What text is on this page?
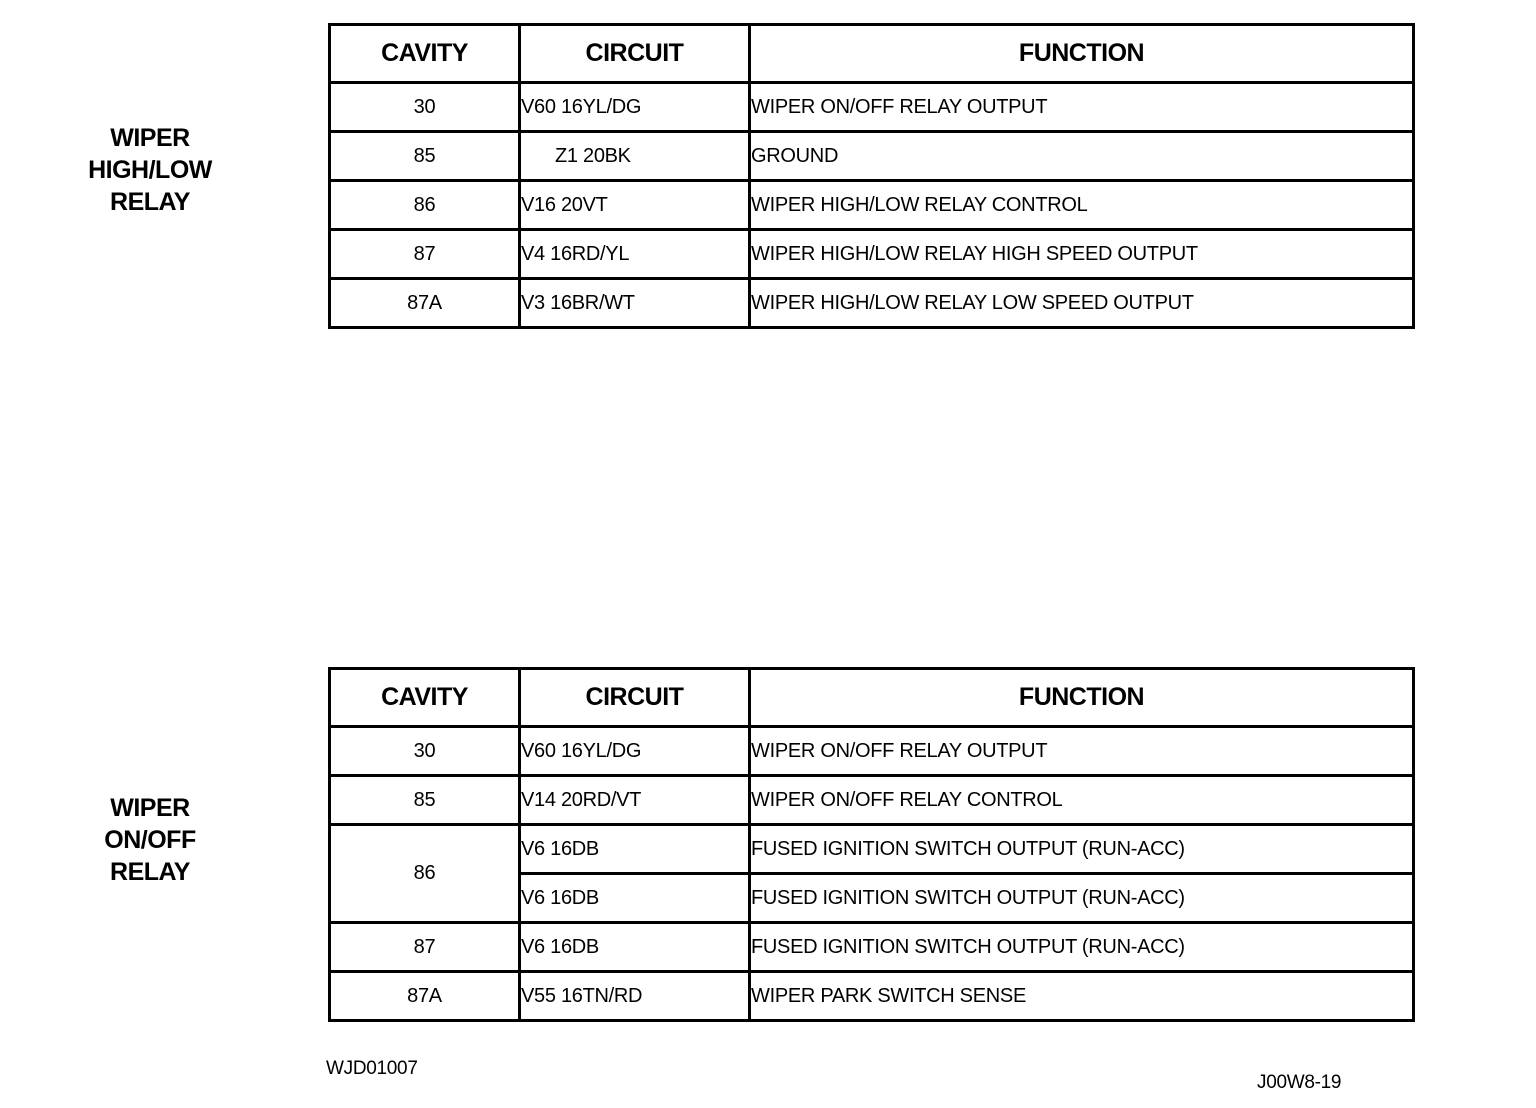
WIPER
HIGH/LOW
RELAY
CAVITY	CIRCUIT	FUNCTION
30	V60 16YL/DG	WIPER ON/OFF RELAY OUTPUT
85	Z1 20BK	GROUND
86	V16 20VT	WIPER HIGH/LOW RELAY CONTROL
87	V4 16RD/YL	WIPER HIGH/LOW RELAY HIGH SPEED OUTPUT
87A	V3 16BR/WT	WIPER HIGH/LOW RELAY LOW SPEED OUTPUT
WIPER
ON/OFF
RELAY
CAVITY	CIRCUIT	FUNCTION
30	V60 16YL/DG	WIPER ON/OFF RELAY OUTPUT
85	V14 20RD/VT	WIPER ON/OFF RELAY CONTROL
86	V6 16DB	FUSED IGNITION SWITCH OUTPUT (RUN-ACC)
	V6 16DB	FUSED IGNITION SWITCH OUTPUT (RUN-ACC)
87	V6 16DB	FUSED IGNITION SWITCH OUTPUT (RUN-ACC)
87A	V55 16TN/RD	WIPER PARK SWITCH SENSE
WJD01007
J00W8-19
